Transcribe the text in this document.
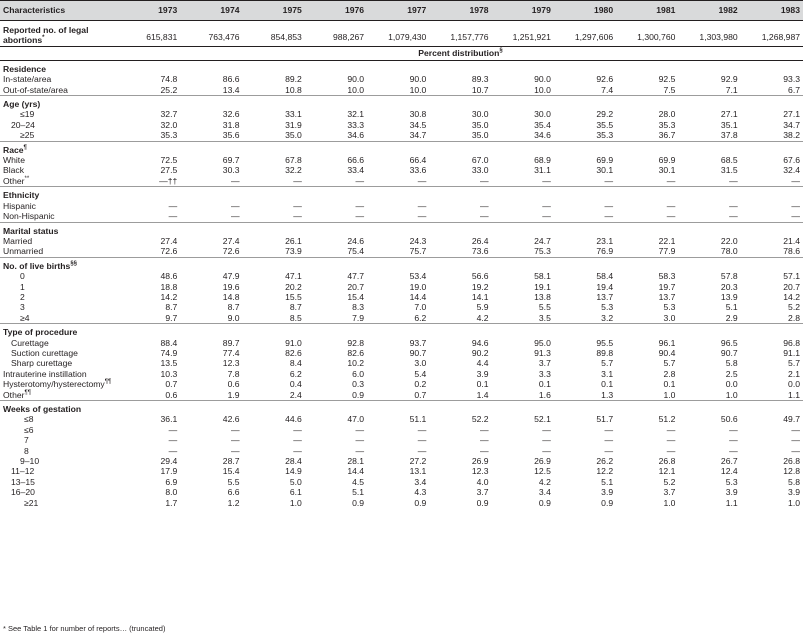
Characteristics	1973	1974	1975	1976	1977	1978	1979	1980	1981	1982	1983
Reported no. of legal abortions*	615,831	763,476	854,853	988,267	1,079,430	1,157,776	1,251,921	1,297,606	1,300,760	1,303,980	1,268,987
	Percent distribution§
Residence											
In-state/area	74.8	86.6	89.2	90.0	90.0	89.3	90.0	92.6	92.5	92.9	93.3
Out-of-state/area	25.2	13.4	10.8	10.0	10.0	10.7	10.0	7.4	7.5	7.1	6.7
Age (yrs)											
≤19	32.7	32.6	33.1	32.1	30.8	30.0	30.0	29.2	28.0	27.1	27.1
20–24	32.0	31.8	31.9	33.3	34.5	35.0	35.4	35.5	35.3	35.1	34.7
≥25	35.3	35.6	35.0	34.6	34.7	35.0	34.6	35.3	36.7	37.8	38.2
Race¶
White	72.5	69.7	67.8	66.6	66.4	67.0	68.9	69.9	69.9	68.5	67.6
Black	27.5	30.3	32.2	33.4	33.6	33.0	31.1	30.1	30.1	31.5	32.4
Other**	—††	—	—	—	—	—	—	—	—	—	—
Ethnicity											
Hispanic	—	—	—	—	—	—	—	—	—	—	—
Non-Hispanic	—	—	—	—	—	—	—	—	—	—	—
Marital status											
Married	27.4	27.4	26.1	24.6	24.3	26.4	24.7	23.1	22.1	22.0	21.4
Unmarried	72.6	72.6	73.9	75.4	75.7	73.6	75.3	76.9	77.9	78.0	78.6
No. of live births§§
0	48.6	47.9	47.1	47.7	53.4	56.6	58.1	58.4	58.3	57.8	57.1
1	18.8	19.6	20.2	20.7	19.0	19.2	19.1	19.4	19.7	20.3	20.7
2	14.2	14.8	15.5	15.4	14.4	14.1	13.8	13.7	13.7	13.9	14.2
3	8.7	8.7	8.7	8.3	7.0	5.9	5.5	5.3	5.3	5.1	5.2
≥4	9.7	9.0	8.5	7.9	6.2	4.2	3.5	3.2	3.0	2.9	2.8
Type of procedure											
Curettage	88.4	89.7	91.0	92.8	93.7	94.6	95.0	95.5	96.1	96.5	96.8
Suction curettage	74.9	77.4	82.6	82.6	90.7	90.2	91.3	89.8	90.4	90.7	91.1
Sharp curettage	13.5	12.3	8.4	10.2	3.0	4.4	3.7	5.7	5.7	5.8	5.7
Intrauterine instillation	10.3	7.8	6.2	6.0	5.4	3.9	3.3	3.1	2.8	2.5	2.1
Hysterotomy/hysterectomy¶¶	0.7	0.6	0.4	0.3	0.2	0.1	0.1	0.1	0.1	0.0	0.0
Other¶¶	0.6	1.9	2.4	0.9	0.7	1.4	1.6	1.3	1.0	1.0	1.1
Weeks of gestation											
≤8	36.1	42.6	44.6	47.0	51.1	52.2	52.1	51.7	51.2	50.6	49.7
≤6	—	—	—	—	—	—	—	—	—	—	—
7	—	—	—	—	—	—	—	—	—	—	—
8	—	—	—	—	—	—	—	—	—	—	—
9–10	29.4	28.7	28.4	28.1	27.2	26.9	26.9	26.2	26.8	26.7	26.8
11–12	17.9	15.4	14.9	14.4	13.1	12.3	12.5	12.2	12.1	12.4	12.8
13–15	6.9	5.5	5.0	4.5	3.4	4.0	4.2	5.1	5.2	5.3	5.8
16–20	8.0	6.6	6.1	5.1	4.3	3.7	3.4	3.9	3.7	3.9	3.9
≥21	1.7	1.2	1.0	0.9	0.9	0.9	0.9	0.9	1.0	1.1	1.0
* See Table 1 for number of reports… (truncated)
